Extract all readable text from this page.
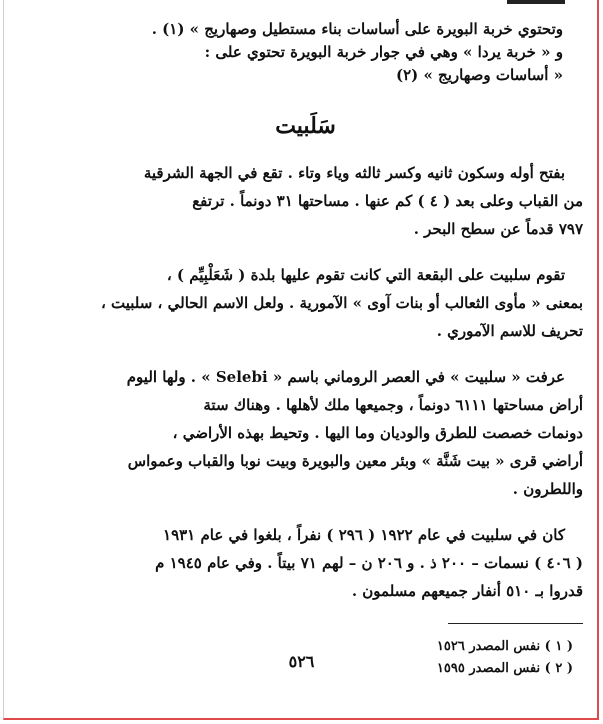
وتحتوي خربة البويرة على أساسات بناء مستطيل وصهاريج » (١) .
و « خربة يردا » وهي في جوار خربة البويرة تحتوي على :
« أساسات وصهاريج » (٢)
سَلَبيت
بفتح أوله وسكون ثانيه وكسر ثالثه وياء وتاء . تقع في الجهة الشرقية
من القباب وعلى بعد ( ٤ ) كم عنها . مساحتها ٣١ دونماً . ترتفع
٧٩٧ قدماً عن سطح البحر .
تقوم سلبيت على البقعة التي كانت تقوم عليها بلدة ( شَعَلْبِيِّم ) ،
بمعنى « مأوى الثعالب أو بنات آوى » الآمورية . ولعل الاسم الحالي ، سلبيت ،
تحريف للاسم الآموري .
عرفت « سلبيت » في العصر الروماني باسم « Selebi » . ولها اليوم
أراض مساحتها ٦١١١ دونماً ، وجميعها ملك لأهلها . وهناك ستة
دونمات خصصت للطرق والوديان وما اليها . وتحيط بهذه الأراضي ،
أراضي قرى « بيت شَنَّة » وبئر معين والبويرة وبيت نوبا والقباب وعمواس
واللطرون .
كان في سلبيت في عام ١٩٢٢ ( ٢٩٦ ) نفراً ، بلغوا في عام ١٩٣١
( ٤٠٦ ) نسمات – ٢٠٠ ذ . و ٢٠٦ ن – لهم ٧١ بيتاً . وفي عام ١٩٤٥ م
قدروا بـ ٥١٠ أنفار جميعهم مسلمون .
( ١ ) نفس المصدر ١٥٢٦
( ٢ ) نفس المصدر ١٥٩٥
٥٢٦
